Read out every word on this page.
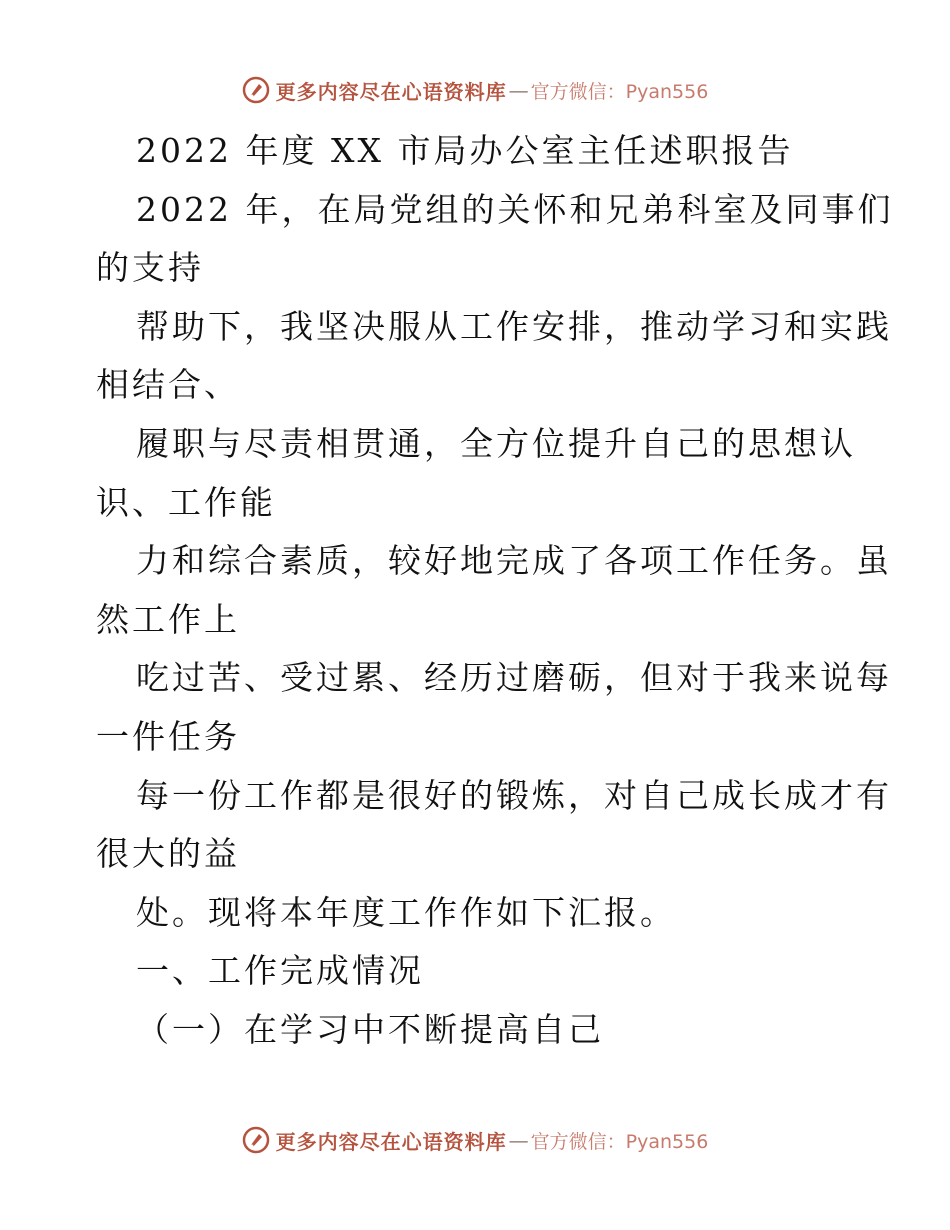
更多内容尽在心语资料库 — 官方微信：Pyan556

2022 年度 XX 市局办公室主任述职报告

2022 年，在局党组的关怀和兄弟科室及同事们

的支持

帮助下，我坚决服从工作安排，推动学习和实践

相结合、

履职与尽责相贯通，全方位提升自己的思想认

识、工作能

力和综合素质，较好地完成了各项工作任务。虽

然工作上

吃过苦、受过累、经历过磨砺，但对于我来说每

一件任务

每一份工作都是很好的锻炼，对自己成长成才有

很大的益

处。现将本年度工作作如下汇报。

一、工作完成情况

（一）在学习中不断提高自己

更多内容尽在心语资料库 — 官方微信：Pyan556
